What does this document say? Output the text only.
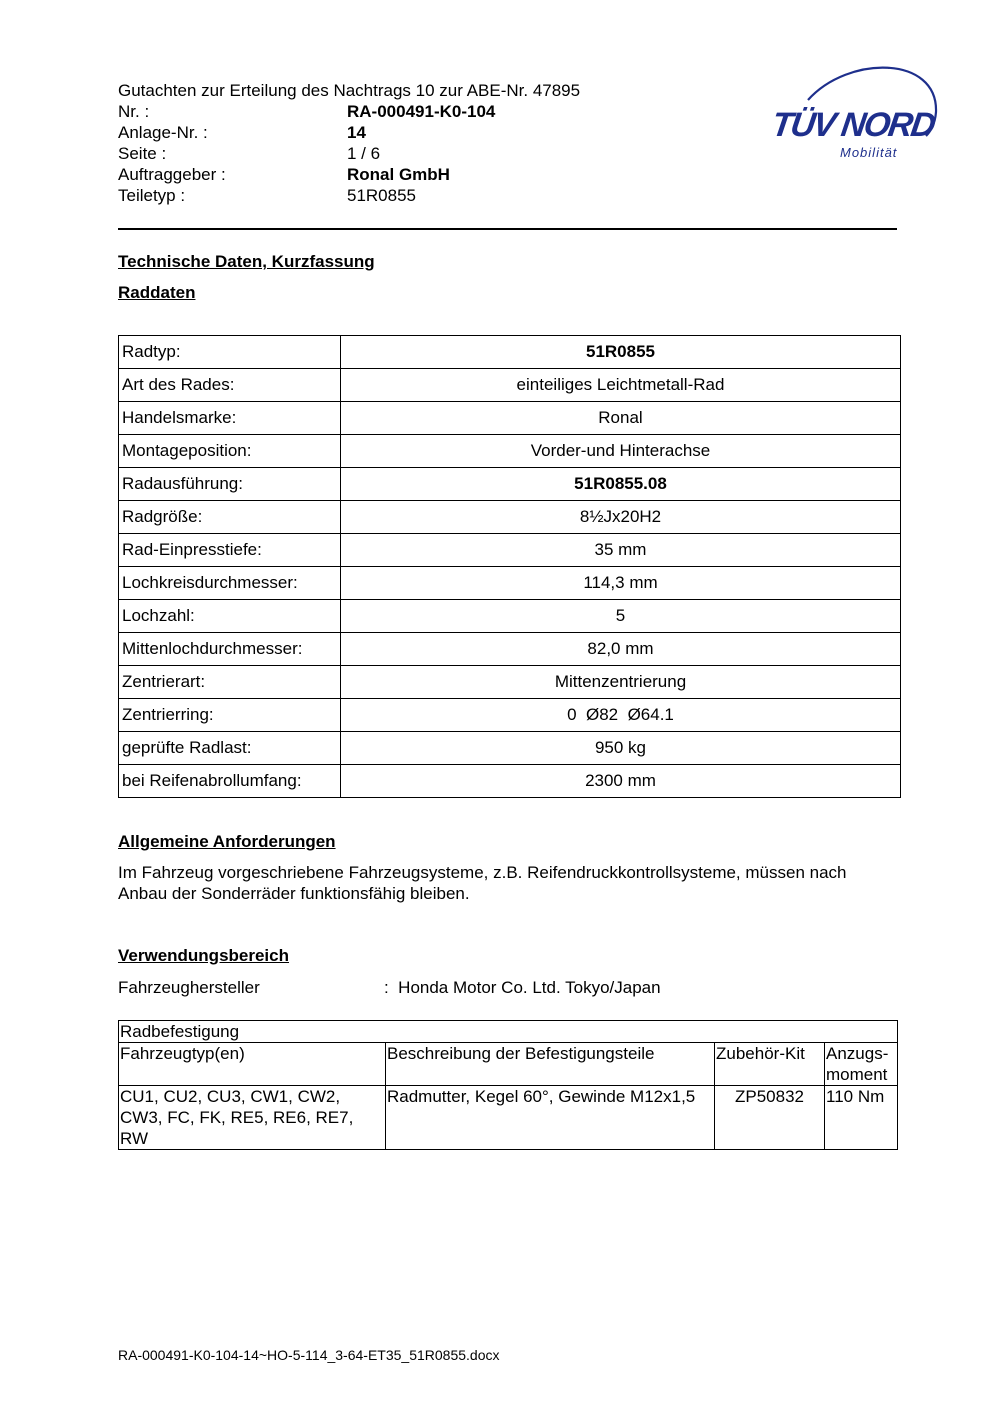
Gutachten zur Erteilung des Nachtrags 10 zur ABE-Nr. 47895
Nr. :	RA-000491-K0-104
Anlage-Nr. :	14
Seite :	1 / 6
Auftraggeber :	Ronal GmbH
Teiletyp :	51R0855
TÜV NORD
Mobilität
Technische Daten, Kurzfassung
Raddaten
Radtyp:	51R0855
Art des Rades:	einteiliges Leichtmetall-Rad
Handelsmarke:	Ronal
Montageposition:	Vorder-und Hinterachse
Radausführung:	51R0855.08
Radgröße:	8½Jx20H2
Rad-Einpresstiefe:	35 mm
Lochkreisdurchmesser:	114,3 mm
Lochzahl:	5
Mittenlochdurchmesser:	82,0 mm
Zentrierart:	Mittenzentrierung
Zentrierring:	0  Ø82  Ø64.1
geprüfte Radlast:	950 kg
bei Reifenabrollumfang:	2300 mm
Allgemeine Anforderungen
Im Fahrzeug vorgeschriebene Fahrzeugsysteme, z.B. Reifendruckkontrollsysteme, müssen nach Anbau der Sonderräder funktionsfähig bleiben.
Verwendungsbereich
Fahrzeughersteller	:  Honda Motor Co. Ltd. Tokyo/Japan
Radbefestigung			
Fahrzeugtyp(en)	Beschreibung der Befestigungsteile	Zubehör-Kit	Anzugs-moment
CU1, CU2, CU3, CW1, CW2, CW3, FC, FK, RE5, RE6, RE7, RW	Radmutter, Kegel 60°, Gewinde M12x1,5	ZP50832	110 Nm
RA-000491-K0-104-14~HO-5-114_3-64-ET35_51R0855.docx
